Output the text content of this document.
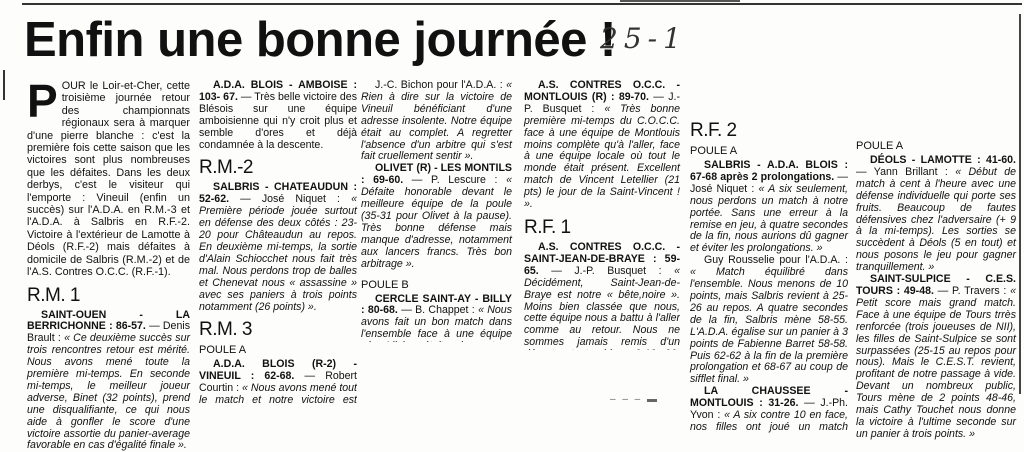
Enfin une bonne journée !
25-1

POUR le Loir-et-Cher, cette troisième journée retour des championnats régionaux sera à marquer d'une pierre blanche : c'est la première fois cette saison que les victoires sont plus nombreuses que les défaites. Dans les deux derbys, c'est le visiteur qui l'emporte : Vineuil (enfin un succès) sur l'A.D.A. en R.M.-3 et l'A.D.A. à Salbris en R.F.-2. Victoire à l'extérieur de Lamotte à Déols (R.F.-2) mais défaites à domicile de Salbris (R.M.-2) et de l'A.S. Contres O.C.C. (R.F.-1).

R.M. 1

SAINT-OUEN - LA BERRICHONNE : 86-57. — Denis Brault : « Ce deuxième succès sur trois rencontres retour est mérité. Nous avons mené toute la première mi-temps. En seconde mi-temps, le meilleur joueur adverse, Binet (32 points), prend une disqualifiante, ce qui nous aide à gonfler le score d'une victoire assortie du panier-average favorable en cas d'égalité finale ».

A.D.A. BLOIS - AMBOISE : 103- 67. — Très belle victoire des Blésois sur une équipe amboisienne qui n'y croit plus et semble d'ores et déjà condamnée à la descente.

R.M.-2

SALBRIS - CHATEAUDUN : 52-62. — José Niquet : « Première période jouée surtout en défense des deux côtés : 23-20 pour Châteaudun au repos. En deuxième mi-temps, la sortie d'Alain Schiocchet nous fait très mal. Nous perdons trop de balles et Chenevat nous « assassine » avec ses paniers à trois points notamment (26 points) ».

R.M. 3
POULE A

A.D.A. BLOIS (R-2) - VINEUIL : 62-68. — Robert Courtin : « Nous avons mené tout le match et notre victoire est

J.-C. Bichon pour l'A.D.A. : « Rien à dire sur la victoire de Vineuil bénéficiant d'une adresse insolente. Notre équipe était au complet. A regretter l'absence d'un arbitre qui s'est fait cruellement sentir ».

OLIVET (R) - LES MONTILS : 69-60. — P. Lescure : « Défaite honorable devant le meilleure équipe de la poule (35-31 pour Olivet à la pause). Très bonne défense mais manque d'adresse, notamment aux lancers francs. Très bon arbitrage ».

POULE B

CERCLE SAINT-AY - BILLY : 80-68. — B. Chappet : « Nous avons fait un bon match dans l'ensemble face à une équipe

A.S. CONTRES O.C.C. - MONTLOUIS (R) : 89-70. — J.-P. Busquet : « Très bonne première mi-temps du C.O.C.C. face à une équipe de Montlouis moins complète qu'à l'aller, face à une équipe locale où tout le monde était présent. Excellent match de Vincent Letellier (21 pts) le jour de la Saint-Vincent ! ».

R.F. 1

A.S. CONTRES O.C.C. - SAINT-JEAN-DE-BRAYE : 59-65. — J.-P. Busquet : « Décidément, Saint-Jean-de-Braye est notre « bête,noire ». Moins bien classée que nous, cette équipe nous a battu à l'aller comme au retour. Nous ne sommes jamais remis d'un

R.F. 2
POULE A

SALBRIS - A.D.A. BLOIS : 67-68 après 2 prolongations. — José Niquet : « A six seulement, nous perdons un match à notre portée. Sans une erreur à la remise en jeu, à quatre secondes de la fin, nous aurions dû gagner et éviter les prolongations. »

Guy Rousselie pour l'A.D.A. : « Match équilibré dans l'ensemble. Nous menons de 10 points, mais Salbris revient à 25-26 au repos. A quatre secondes de la fin, Salbris mène 58-55. L'A.D.A. égalise sur un panier à 3 points de Fabienne Barret 58-58. Puis 62-62 à la fin de la première prolongation et 68-67 au coup de sifflet final. »

LA CHAUSSÉE - MONTLOUIS : 31-26. — J.-Ph. Yvon : « A six contre 10 en face, nos filles ont joué un match

POULE A

DÉOLS - LAMOTTE : 41-60. — Yann Brillant : « Début de match à cent à l'heure avec une défense individuelle qui porte ses fruits. Beaucoup de fautes défensives chez l'adversaire (+ 9 à la mi-temps). Les sorties se succèdent à Déols (5 en tout) et nous posons le jeu pour gagner tranquillement. »

SAINT-SULPICE - C.E.S. TOURS : 49-48. — P. Travers : « Petit score mais grand match. Face à une équipe de Tours trrès renforcée (trois joueuses de NII), les filles de Saint-Sulpice se sont surpassées (25-15 au repos pour nous). Mais le C.E.S.T. revient, profitant de notre passage à vide. Devant un nombreux public, Tours mène de 2 points 48-46, mais Cathy Touchet nous donne la victoire à l'ultime seconde sur un panier à trois points. »

‒ ‒ ‒ ▬
